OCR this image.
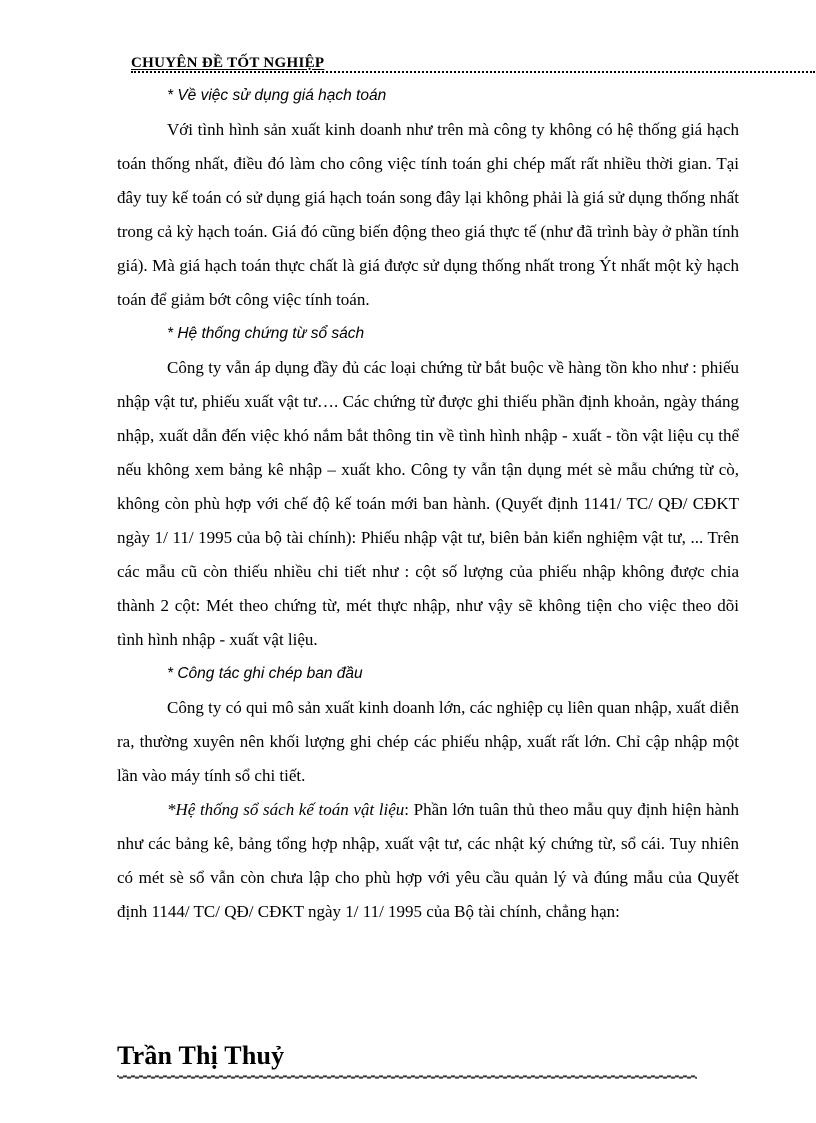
CHUYÊN ĐỀ TỐT NGHIỆP

* Về việc sử dụng giá hạch toán

Với tình hình sản xuất kinh doanh như trên mà công ty không có hệ thống giá hạch toán thống nhất, điều đó làm cho công việc tính toán ghi chép mất rất nhiều thời gian. Tại đây tuy kế toán có sử dụng giá hạch toán song đây lại không phải là giá sử dụng thống nhất trong cả kỳ hạch toán. Giá đó cũng biến động theo giá thực tế (như đã trình bày ở phần tính giá). Mà giá hạch toán thực chất là giá được sử dụng thống nhất trong Ýt nhất một kỳ hạch toán để giảm bớt công việc tính toán.

* Hệ thống chứng từ sổ sách

Công ty vẫn áp dụng đầy đủ các loại chứng từ bắt buộc về hàng tồn kho như : phiếu nhập vật tư, phiếu xuất vật tư…. Các chứng từ được ghi thiếu phần định khoản, ngày tháng nhập, xuất dẫn đến việc khó nắm bắt thông tin về tình hình nhập - xuất - tồn vật liệu cụ thể nếu không xem bảng kê nhập – xuất kho. Công ty vẫn tận dụng mét sè mẫu chứng từ cò, không còn phù hợp với chế độ kế toán mới ban hành. (Quyết định 1141/ TC/ QĐ/ CĐKT ngày 1/ 11/ 1995 của bộ tài chính): Phiếu nhập vật tư, biên bản kiển nghiệm vật tư, ... Trên các mẫu cũ còn thiếu nhiều chi tiết như : cột số lượng của phiếu nhập không được chia thành 2 cột: Mét theo chứng từ, mét thực nhập, như vậy sẽ không tiện cho việc theo dõi tình hình nhập - xuất vật liệu.

* Công tác ghi chép ban đầu

Công ty có qui mô sản xuất kinh doanh lớn, các nghiệp cụ liên quan nhập, xuất diễn ra, thường xuyên nên khối lượng ghi chép các phiếu nhập, xuất rất lớn. Chỉ cập nhập một lần vào máy tính sổ chi tiết.

*Hệ thống sổ sách kế toán vật liệu: Phần lớn tuân thủ theo mẫu quy định hiện hành như các bảng kê, bảng tổng hợp nhập, xuất vật tư, các nhật ký chứng từ, sổ cái. Tuy nhiên có mét sè sổ vẫn còn chưa lập cho phù hợp với yêu cầu quản lý và đúng mẫu của Quyết định 1144/ TC/ QĐ/ CĐKT ngày 1/ 11/ 1995 của Bộ tài chính, chẳng hạn:

Trần Thị Thuỷ
